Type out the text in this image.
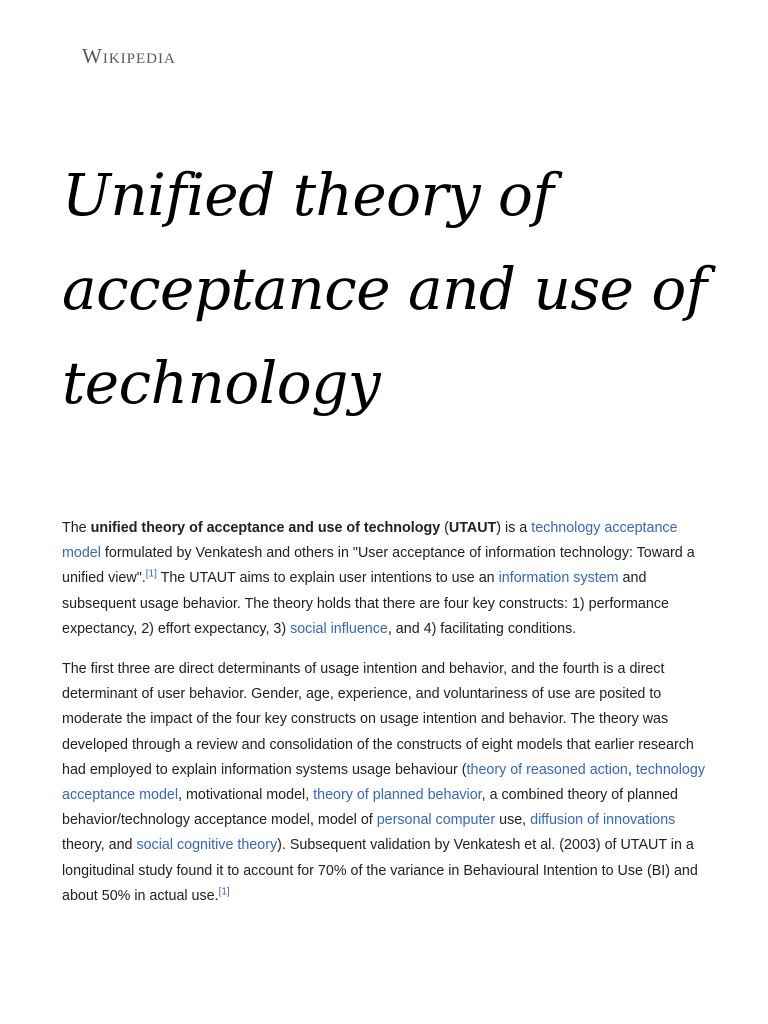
Wikipedia
Unified theory of acceptance and use of technology

The unified theory of acceptance and use of technology (UTAUT) is a technology acceptance model formulated by Venkatesh and others in "User acceptance of information technology: Toward a unified view".[1] The UTAUT aims to explain user intentions to use an information system and subsequent usage behavior. The theory holds that there are four key constructs: 1) performance expectancy, 2) effort expectancy, 3) social influence, and 4) facilitating conditions.

The first three are direct determinants of usage intention and behavior, and the fourth is a direct determinant of user behavior. Gender, age, experience, and voluntariness of use are posited to moderate the impact of the four key constructs on usage intention and behavior. The theory was developed through a review and consolidation of the constructs of eight models that earlier research had employed to explain information systems usage behaviour (theory of reasoned action, technology acceptance model, motivational model, theory of planned behavior, a combined theory of planned behavior/technology acceptance model, model of personal computer use, diffusion of innovations theory, and social cognitive theory). Subsequent validation by Venkatesh et al. (2003) of UTAUT in a longitudinal study found it to account for 70% of the variance in Behavioural Intention to Use (BI) and about 50% in actual use.[1]
